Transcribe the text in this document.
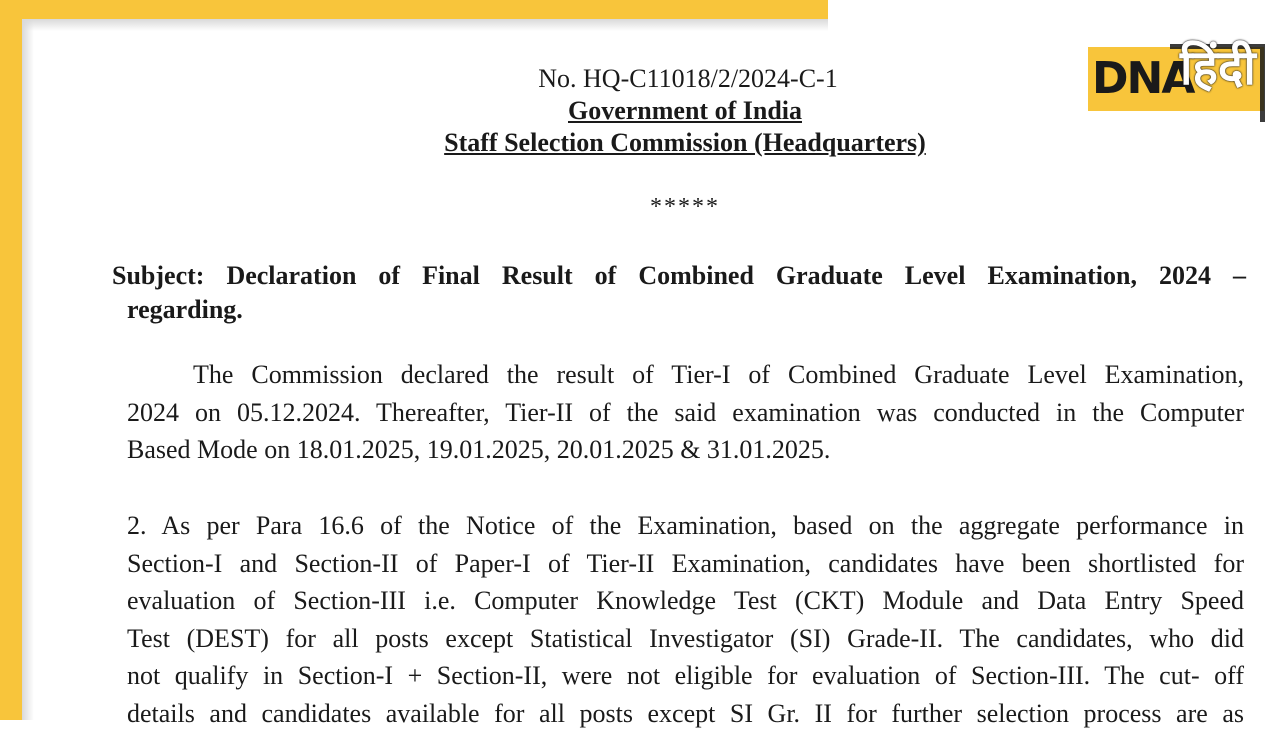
DNA
हिंदी
No. HQ-C11018/2/2024-C-1
Government of India
Staff Selection Commission (Headquarters)
*****
Subject: Declaration of Final Result of Combined Graduate Level Examination, 2024 –
regarding.
The Commission declared the result of Tier-I of Combined Graduate Level Examination,
2024 on 05.12.2024. Thereafter, Tier-II of the said examination was conducted in the Computer
Based Mode on 18.01.2025, 19.01.2025, 20.01.2025 & 31.01.2025.
2. As per Para 16.6 of the Notice of the Examination, based on the aggregate performance in
Section-I and Section-II of Paper-I of Tier-II Examination, candidates have been shortlisted for
evaluation of Section-III i.e. Computer Knowledge Test (CKT) Module and Data Entry Speed
Test (DEST) for all posts except Statistical Investigator (SI) Grade-II. The candidates, who did
not qualify in Section-I + Section-II, were not eligible for evaluation of Section-III. The cut- off
details and candidates available for all posts except SI Gr. II for further selection process are as
